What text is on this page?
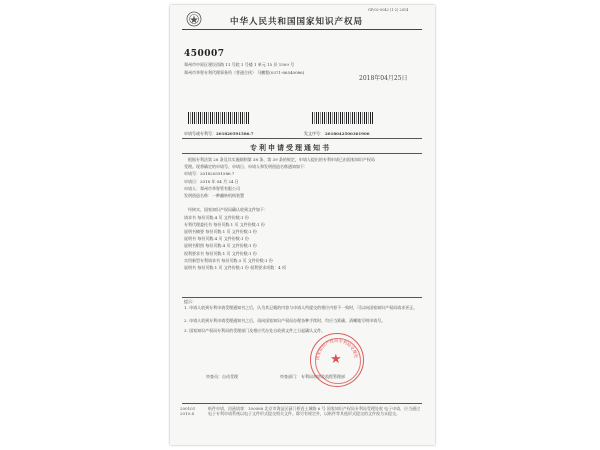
中华人民共和国国家知识产权局
GP/02-0042 (1-2) 2014
450007
郑州市中原区建设西路 11 号院 1 号楼 1 单元 15 层 1509 号
郑州市华智专利代理事务所（普通合伙） 马鹏程(0371-86540086)
2018年04月25日
申请号或专利号： 201820591586.7	发文序号： 2018042500361900
专利申请受理通知书
根据专利法第 28 条及其实施细则第 38 条、第 39 条的规定，申请人提出的专利申请已由国家知识产权局
受理。现将确定的申请号、申请日、申请人和发明创造名称通知如下：
申请号：201820591586.7
申请日：2018 年 04 月 24 日
申请人：郑州市华智管有限公司
发明创造名称：一种翻转机构装置
经核实，国家知识产权局确认收到文件如下：
请求书 每份页数:4 页 文件份数:1 份
专利代理委托书 每份页数:1 页 文件份数:1 份
说明书摘要 每份页数:1 页 文件份数:1 份
说明书 每份页数:4 页 文件份数:1 份
说明书附图 每份页数:4 页 文件份数:1 份
权利要求书 每份页数:1 页 文件份数:1 份
实用新型专利请求书 每份页数:3 页 文件份数:1 份
说明书 每份页数:1 页 文件份数:1 份 权利要求项数：4 项
提示：
1. 申请人收到专利申请受理通知书之后，认为其记载的内容与申请人所提交的相应内容不一致时，可以向国家知识产权局请求更正。
2. 申请人收到专利申请受理通知书之后，再向国家知识产权局办理各种手续时，均应当准确、清晰地写明申请号。
3. 国家知识产权局专利局的受理部门及相应代办处自收到文件之日起确认文件。
审查员： 自动受理	审查部门： 专利局初审及流程管理部
★
国家知识产权局专利局受理处
200101
2010.4
纸件申请，回函请寄：100088 北京市海淀区蓟门桥西土城路 6 号 国家知识产权局专利局受理处收 电子申请，应当通过电子专利申请系统以电子文件形式提交相关文件。除另有规定外，以纸件等其他形式提交的文件视为未提交。
